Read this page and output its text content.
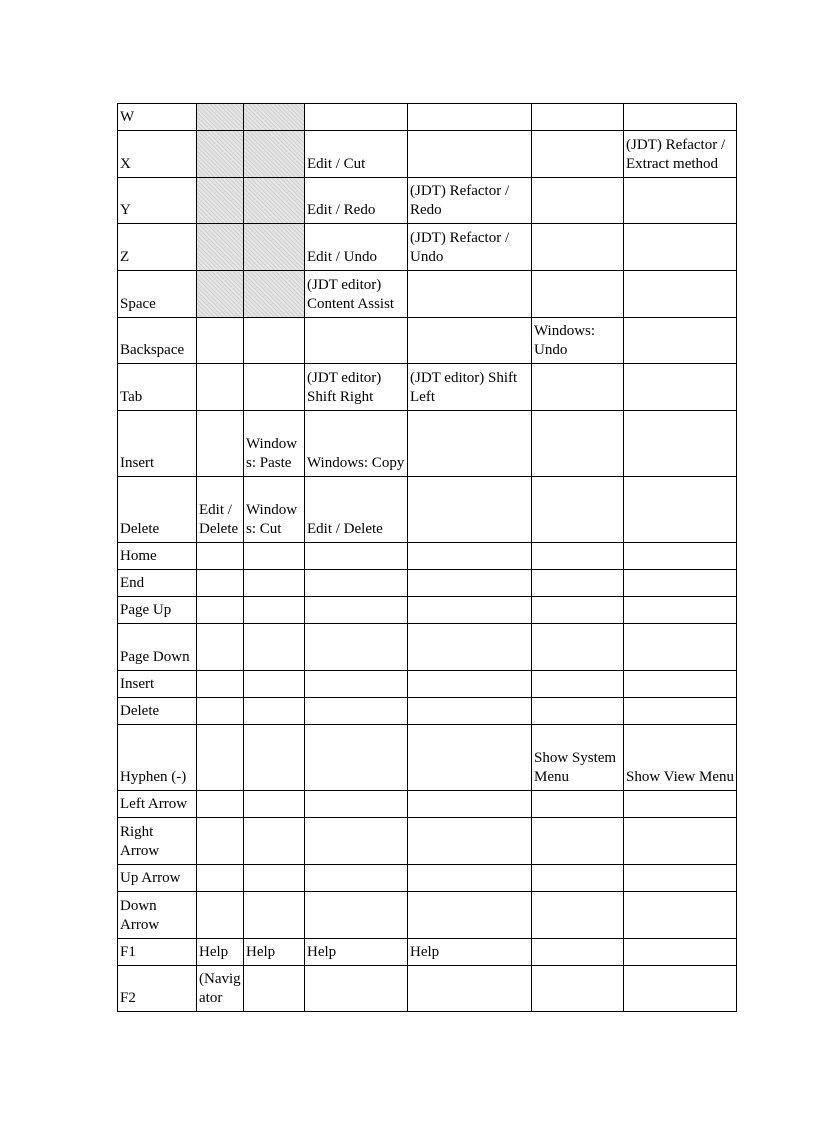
W						
X			Edit / Cut			(JDT) Refactor / Extract method
Y			Edit / Redo	(JDT) Refactor / Redo		
Z			Edit / Undo	(JDT) Refactor / Undo		
Space			(JDT editor) Content Assist			
Backspace					Windows: Undo	
Tab			(JDT editor) Shift Right	(JDT editor) Shift Left		
Insert		Windows: Paste	Windows: Copy			
Delete	Edit / Delete	Windows: Cut	Edit / Delete			
Home						
End						
Page Up						
Page Down						
Insert						
Delete						
Hyphen (-)					Show System Menu	Show View Menu
Left Arrow						
Right Arrow						
Up Arrow						
Down Arrow						
F1	Help	Help	Help	Help		
F2	(Navigator					
